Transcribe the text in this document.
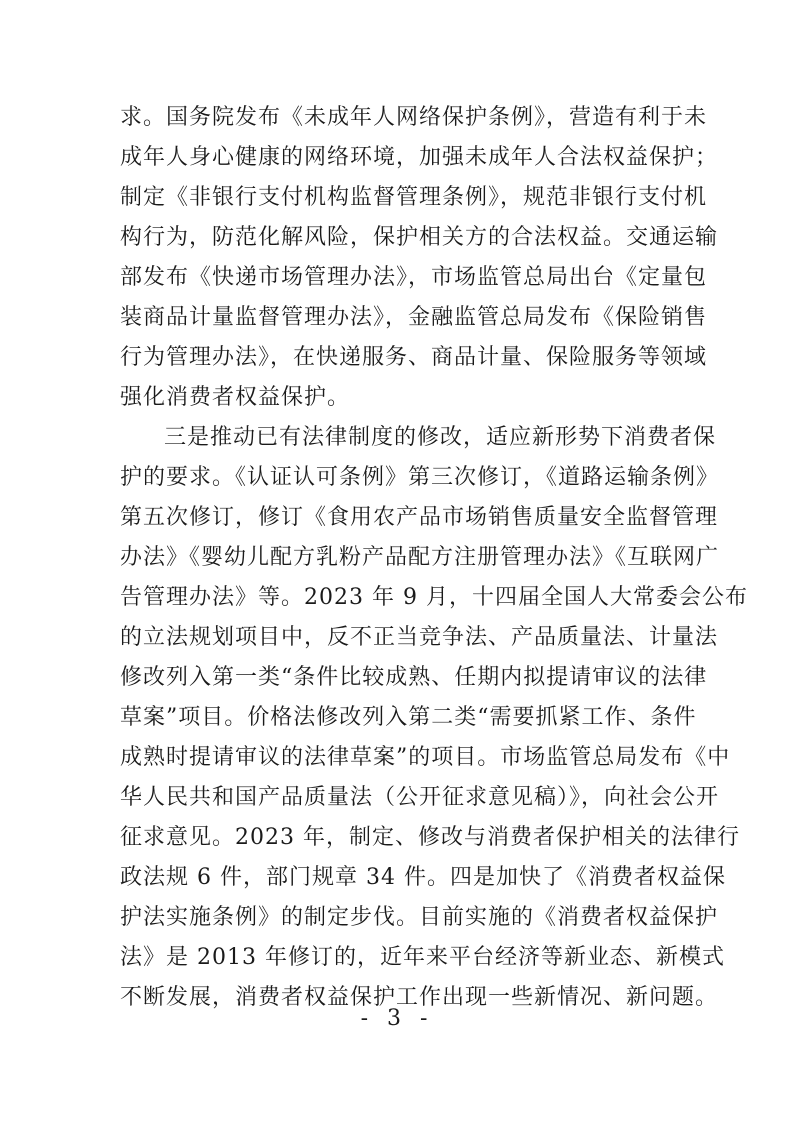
求。国务院发布《未成年人网络保护条例》，营造有利于未
成年人身心健康的网络环境，加强未成年人合法权益保护；
制定《非银行支付机构监督管理条例》，规范非银行支付机
构行为，防范化解风险，保护相关方的合法权益。交通运输
部发布《快递市场管理办法》，市场监管总局出台《定量包
装商品计量监督管理办法》，金融监管总局发布《保险销售
行为管理办法》，在快递服务、商品计量、保险服务等领域
强化消费者权益保护。
三是推动已有法律制度的修改，适应新形势下消费者保
护的要求。《认证认可条例》第三次修订，《道路运输条例》
第五次修订，修订《食用农产品市场销售质量安全监督管理
办法》《婴幼儿配方乳粉产品配方注册管理办法》《互联网广
告管理办法》等。2023 年 9 月，十四届全国人大常委会公布
的立法规划项目中，反不正当竞争法、产品质量法、计量法
修改列入第一类“条件比较成熟、任期内拟提请审议的法律
草案”项目。价格法修改列入第二类“需要抓紧工作、条件
成熟时提请审议的法律草案”的项目。市场监管总局发布《中
华人民共和国产品质量法（公开征求意见稿）》，向社会公开
征求意见。2023 年，制定、修改与消费者保护相关的法律行
政法规 6 件，部门规章 34 件。四是加快了《消费者权益保
护法实施条例》的制定步伐。目前实施的《消费者权益保护
法》是 2013 年修订的，近年来平台经济等新业态、新模式
不断发展，消费者权益保护工作出现一些新情况、新问题。
- 3 -
